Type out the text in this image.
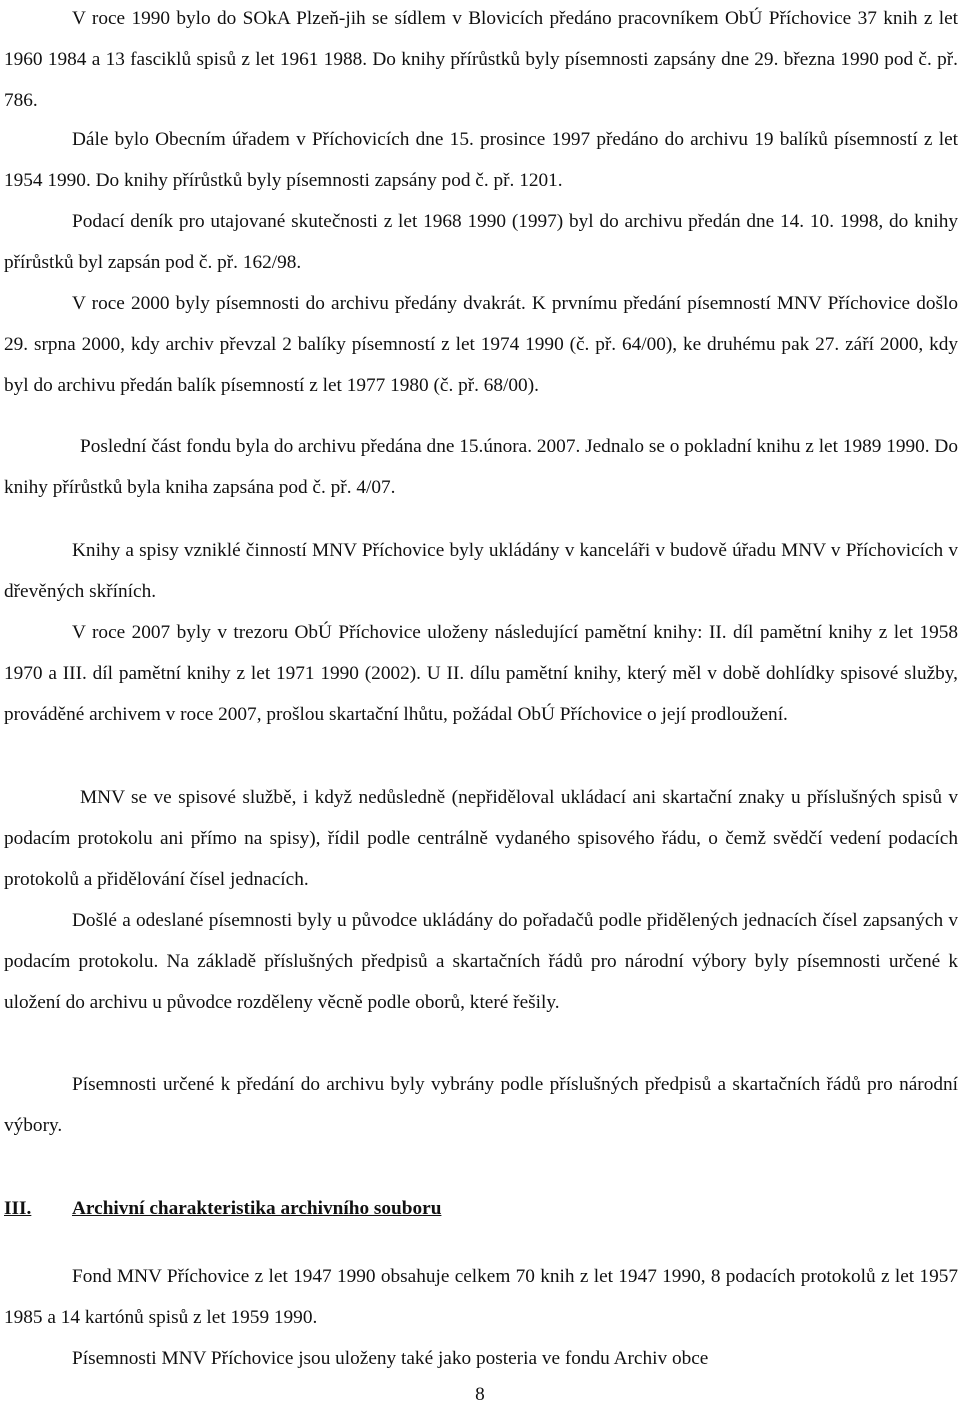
V roce 1990 bylo do SOkA Plzeň-jih se sídlem v Blovicích předáno pracovníkem ObÚ Příchovice 37 knih z let 1960 1984 a 13 fasciklů spisů z let 1961 1988. Do knihy přírůstků byly písemnosti zapsány dne 29. března 1990 pod č. př. 786.

Dále bylo Obecním úřadem v Příchovicích dne 15. prosince 1997 předáno do archivu 19 balíků písemností z let 1954 1990. Do knihy přírůstků byly písemnosti zapsány pod č. př. 1201.

Podací deník pro utajované skutečnosti z let 1968 1990 (1997) byl do archivu předán dne 14. 10. 1998, do knihy přírůstků byl zapsán pod č. př. 162/98.

V roce 2000 byly písemnosti do archivu předány dvakrát. K prvnímu předání písemností MNV Příchovice došlo 29. srpna 2000, kdy archiv převzal 2 balíky písemností z let 1974 1990 (č. př. 64/00), ke druhému pak 27. září 2000, kdy byl do archivu předán balík písemností z let 1977 1980 (č. př. 68/00).

Poslední část fondu byla do archivu předána dne 15.února. 2007. Jednalo se o pokladní knihu z let 1989 1990. Do knihy přírůstků byla kniha zapsána pod č. př. 4/07.

Knihy a spisy vzniklé činností MNV Příchovice byly ukládány v kanceláři v budově úřadu MNV v Příchovicích v dřevěných skříních.

V roce 2007 byly v trezoru ObÚ Příchovice uloženy následující pamětní knihy: II. díl pamětní knihy z let 1958 1970 a III. díl pamětní knihy z let 1971 1990 (2002). U II. dílu pamětní knihy, který měl v době dohlídky spisové služby, prováděné archivem v roce 2007, prošlou skartační lhůtu, požádal ObÚ Příchovice o její prodloužení.

MNV se ve spisové službě, i když nedůsledně (nepřiděloval ukládací ani skartační znaky u příslušných spisů v podacím protokolu ani přímo na spisy), řídil podle centrálně vydaného spisového řádu, o čemž svědčí vedení podacích protokolů a přidělování čísel jednacích.

Došlé a odeslané písemnosti byly u původce ukládány do pořadačů podle přidělených jednacích čísel zapsaných v podacím protokolu. Na základě příslušných předpisů a skartačních řádů pro národní výbory byly písemnosti určené k uložení do archivu u původce rozděleny věcně podle oborů, které řešily.

Písemnosti určené k předání do archivu byly vybrány podle příslušných předpisů a skartačních řádů pro národní výbory.

III. Archivní charakteristika archivního souboru

Fond MNV Příchovice z let 1947 1990 obsahuje celkem 70 knih z let 1947 1990, 8 podacích protokolů z let 1957 1985 a 14 kartónů spisů z let 1959 1990.

Písemnosti MNV Příchovice jsou uloženy také jako posteria ve fondu Archiv obce

8
